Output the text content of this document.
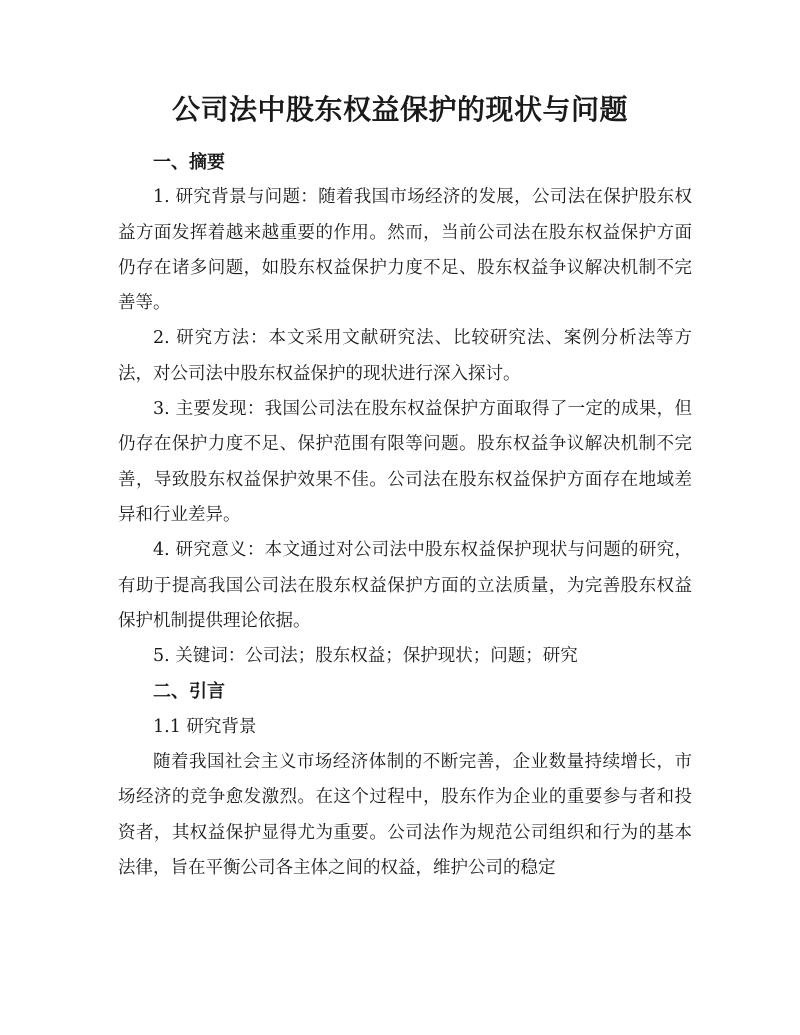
公司法中股东权益保护的现状与问题
一、摘要

1. 研究背景与问题：随着我国市场经济的发展，公司法在保护股东权益方面发挥着越来越重要的作用。然而，当前公司法在股东权益保护方面仍存在诸多问题，如股东权益保护力度不足、股东权益争议解决机制不完善等。

2. 研究方法：本文采用文献研究法、比较研究法、案例分析法等方法，对公司法中股东权益保护的现状进行深入探讨。

3. 主要发现：我国公司法在股东权益保护方面取得了一定的成果，但仍存在保护力度不足、保护范围有限等问题。股东权益争议解决机制不完善，导致股东权益保护效果不佳。公司法在股东权益保护方面存在地域差异和行业差异。

4. 研究意义：本文通过对公司法中股东权益保护现状与问题的研究，有助于提高我国公司法在股东权益保护方面的立法质量，为完善股东权益保护机制提供理论依据。

5. 关键词：公司法；股东权益；保护现状；问题；研究

二、引言
1.1 研究背景

随着我国社会主义市场经济体制的不断完善，企业数量持续增长，市场经济的竞争愈发激烈。在这个过程中，股东作为企业的重要参与者和投资者，其权益保护显得尤为重要。公司法作为规范公司组织和行为的基本法律，旨在平衡公司各主体之间的权益，维护公司的稳定
